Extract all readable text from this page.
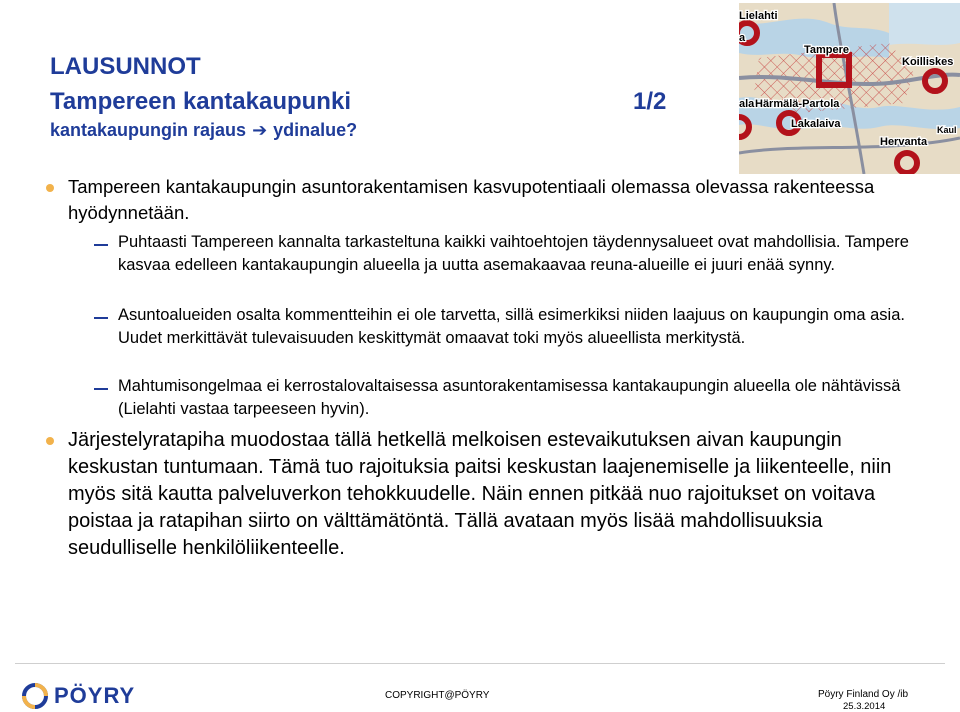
LAUSUNNOT
Tampereen kantakaupunki	1/2
kantakaupungin rajaus ➔ ydinalue?
Lielahti
Tampere
Koilliskes
Härmälä-Partola
Lakalaiva
Hervanta
Kaul
ala
a
Tampereen kantakaupungin asuntorakentamisen kasvupotentiaali olemassa olevassa rakenteessa hyödynnetään.
Puhtaasti Tampereen kannalta tarkasteltuna kaikki vaihtoehtojen täydennysalueet ovat mahdollisia. Tampere kasvaa edelleen kantakaupungin alueella ja uutta asemakaavaa reuna-alueille ei juuri enää synny.
Asuntoalueiden osalta kommentteihin ei ole tarvetta, sillä esimerkiksi niiden laajuus on kaupungin oma asia. Uudet merkittävät tulevaisuuden keskittymät omaavat toki myös alueellista merkitystä.
Mahtumisongelmaa ei kerrostalovaltaisessa asuntorakentamisessa kantakaupungin alueella ole nähtävissä (Lielahti vastaa tarpeeseen hyvin).
Järjestelyratapiha muodostaa tällä hetkellä melkoisen estevaikutuksen aivan kaupungin keskustan tuntumaan. Tämä tuo rajoituksia paitsi keskustan laajenemiselle ja liikenteelle, niin myös sitä kautta palveluverkon tehokkuudelle. Näin ennen pitkää nuo rajoitukset on voitava poistaa ja ratapihan siirto on välttämätöntä. Tällä avataan myös lisää mahdollisuuksia seudulliselle henkilöliikenteelle.
PÖYRY	COPYRIGHT@PÖYRY	Pöyry Finland Oy /ib
25.3.2014
